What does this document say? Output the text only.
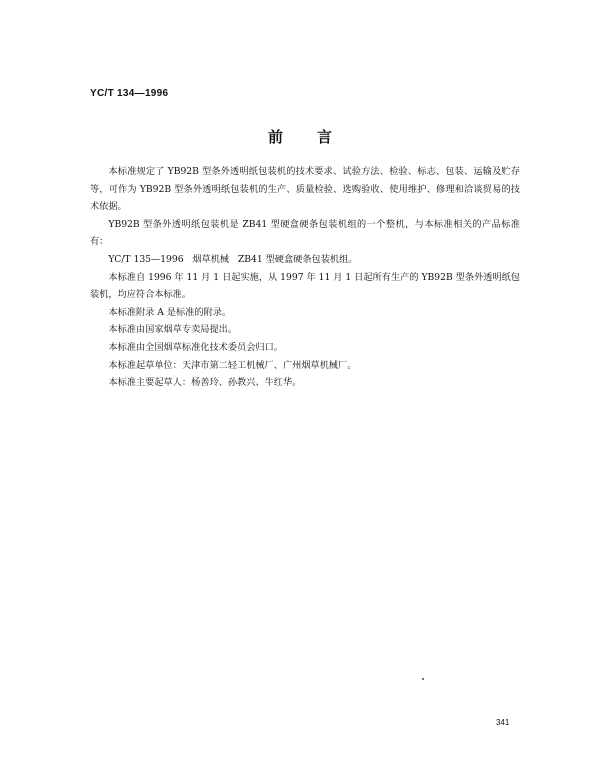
YC/T 134—1996
前言

本标准规定了 YB92B 型条外透明纸包装机的技术要求、试验方法、检验、标志、包装、运输及贮存等，可作为 YB92B 型条外透明纸包装机的生产、质量检验、选购验收、使用维护、修理和洽谈贸易的技术依据。

YB92B 型条外透明纸包装机是 ZB41 型硬盒硬条包装机组的一个整机，与本标准相关的产品标准有：

YC/T 135—1996   烟草机械   ZB41 型硬盒硬条包装机组。

本标准自 1996 年 11 月 1 日起实施，从 1997 年 11 月 1 日起所有生产的 YB92B 型条外透明纸包装机，均应符合本标准。

本标准附录 A 是标准的附录。

本标准由国家烟草专卖局提出。

本标准由全国烟草标准化技术委员会归口。

本标准起草单位：天津市第二轻工机械厂、广州烟草机械厂。

本标准主要起草人：杨善玲、孙教兴、牛红华。

341
